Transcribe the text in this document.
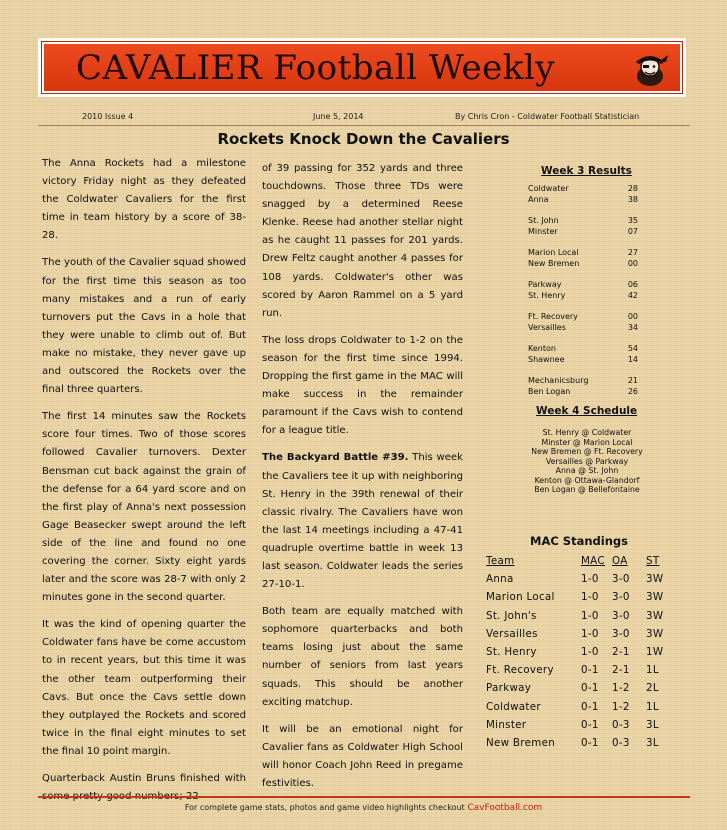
CAVALIER Football Weekly
2010 Issue 4	June 5, 2014	By Chris Cron - Coldwater Football Statistician
Rockets Knock Down the Cavaliers

The Anna Rockets had a milestone victory Friday night as they defeated the Coldwater Cavaliers for the first time in team history by a score of 38-28.

The youth of the Cavalier squad showed for the first time this season as too many mistakes and a run of early turnovers put the Cavs in a hole that they were unable to climb out of. But make no mistake, they never gave up and outscored the Rockets over the final three quarters.

The first 14 minutes saw the Rockets score four times. Two of those scores followed Cavalier turnovers. Dexter Bensman cut back against the grain of the defense for a 64 yard score and on the first play of Anna's next possession Gage Beasecker swept around the left side of the line and found no one covering the corner. Sixty eight yards later and the score was 28-7 with only 2 minutes gone in the second quarter.

It was the kind of opening quarter the Coldwater fans have be come accustom to in recent years, but this time it was the other team outperforming their Cavs. But once the Cavs settle down they outplayed the Rockets and scored twice in the final eight minutes to set the final 10 point margin.

Quarterback Austin Bruns finished with some pretty good numbers; 22

of 39 passing for 352 yards and three touchdowns. Those three TDs were snagged by a determined Reese Klenke. Reese had another stellar night as he caught 11 passes for 201 yards. Drew Feltz caught another 4 passes for 108 yards. Coldwater's other was scored by Aaron Rammel on a 5 yard run.

The loss drops Coldwater to 1-2 on the season for the first time since 1994. Dropping the first game in the MAC will make success in the remainder paramount if the Cavs wish to contend for a league title.

The Backyard Battle #39. This week the Cavaliers tee it up with neighboring St. Henry in the 39th renewal of their classic rivalry. The Cavaliers have won the last 14 meetings including a 47-41 quadruple overtime battle in week 13 last season. Coldwater leads the series 27-10-1.

Both team are equally matched with sophomore quarterbacks and both teams losing just about the same number of seniors from last years squads. This should be another exciting matchup.

It will be an emotional night for Cavalier fans as Coldwater High School will honor Coach John Reed in pregame festivities.

Week 3 Results
Coldwater	28
Anna	38
St. John	35
Minster	07
Marion Local	27
New Bremen	00
Parkway	06
St. Henry	42
Ft. Recovery	00
Versailles	34
Kenton	54
Shawnee	14
Mechanicsburg	21
Ben Logan	26
Week 4 Schedule
St. Henry @ Coldwater
Minster @ Marion Local
New Bremen @ Ft. Recovery
Versailles @ Parkway
Anna @ St. John
Kenton @ Ottawa-Glandorf
Ben Logan @ Bellefontaine
MAC Standings
Team	MAC OA ST
Anna	1-0 3-0 3W
Marion Local	1-0 3-0 3W
St. John's	1-0 3-0 3W
Versailles	1-0 3-0 3W
St. Henry	1-0 2-1 1W
Ft. Recovery	0-1 2-1 1L
Parkway	0-1 1-2 2L
Coldwater	0-1 1-2 1L
Minster	0-1 0-3 3L
New Bremen	0-1 0-3 3L
For complete game stats, photos and game video highlights checkout CavFootball.com
